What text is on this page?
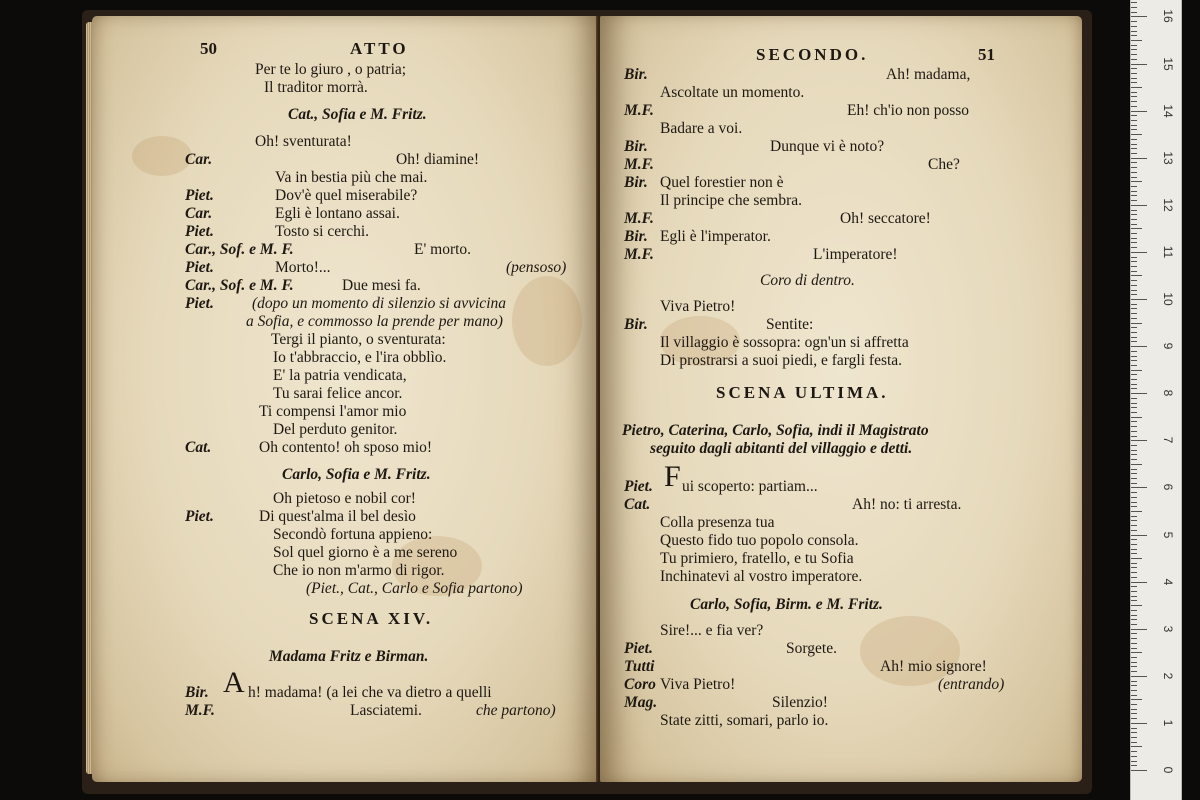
50	ATTO
Per te lo giuro , o patria;
Il traditor morrà.
Cat., Sofia e M. Fritz.
Oh! sventurata!
Car.	Oh! diamine!
Va in bestia più che mai.
Piet.	Dov'è quel miserabile?
Car.	Egli è lontano assai.
Piet.	Tosto si cerchi.
Car., Sof. e M. F.	E' morto.
Piet.	Morto!...	(pensoso)
Car., Sof. e M. F.	Due mesi fa.
Piet. (dopo un momento di silenzio si avvicina
a Sofia, e commosso la prende per mano)
Tergi il pianto, o sventurata:
Io t'abbraccio, e l'ira obblìo.
E' la patria vendicata,
Tu sarai felice ancor.
Ti compensi l'amor mio
Del perduto genitor.
Cat.	Oh contento! oh sposo mio!
Carlo, Sofia e M. Fritz.
Oh pietoso e nobil cor!
Piet.	Di quest'alma il bel desìo
Secondò fortuna appieno:
Sol quel giorno è a me sereno
Che io non m'armo di rigor.
(Piet., Cat., Carlo e Sofia partono)
SCENA XIV.
Madama Fritz e Birman.
Bir. A h! madama! (a lei che va dietro a quelli
M.F.	Lasciatemi.	che partono)
SECONDO.	51
Bir.	Ah! madama,
Ascoltate un momento.
M.F.	Eh! ch'io non posso
Badare a voi.
Bir.	Dunque vi è noto?
M.F.	Che?
Bir. Quel forestier non è
Il principe che sembra.
M.F.	Oh! seccatore!
Bir. Egli è l'imperator.
M.F.	L'imperatore!
Coro di dentro.
Viva Pietro!
Bir.	Sentite:
Il villaggio è sossopra: ogn'un si affretta
Di prostrarsi a suoi piedi, e fargli festa.
SCENA ULTIMA.
Pietro, Caterina, Carlo, Sofia, indi il Magistrato
seguito dagli abitanti del villaggio e detti.
Piet. F ui scoperto: partiam...
Cat.	Ah! no: ti arresta.
Colla presenza tua
Questo fido tuo popolo consola.
Tu primiero, fratello, e tu Sofia
Inchinatevi al vostro imperatore.
Carlo, Sofia, Birm. e M. Fritz.
Sire!... e fia ver?
Piet.	Sorgete.
Tutti	Ah! mio signore!
Coro Viva Pietro!	(entrando)
Mag.	Silenzio!
State zitti, somari, parlo io.
0
1
2
3
4
5
6
7
8
9
10
11
12
13
14
15
16
